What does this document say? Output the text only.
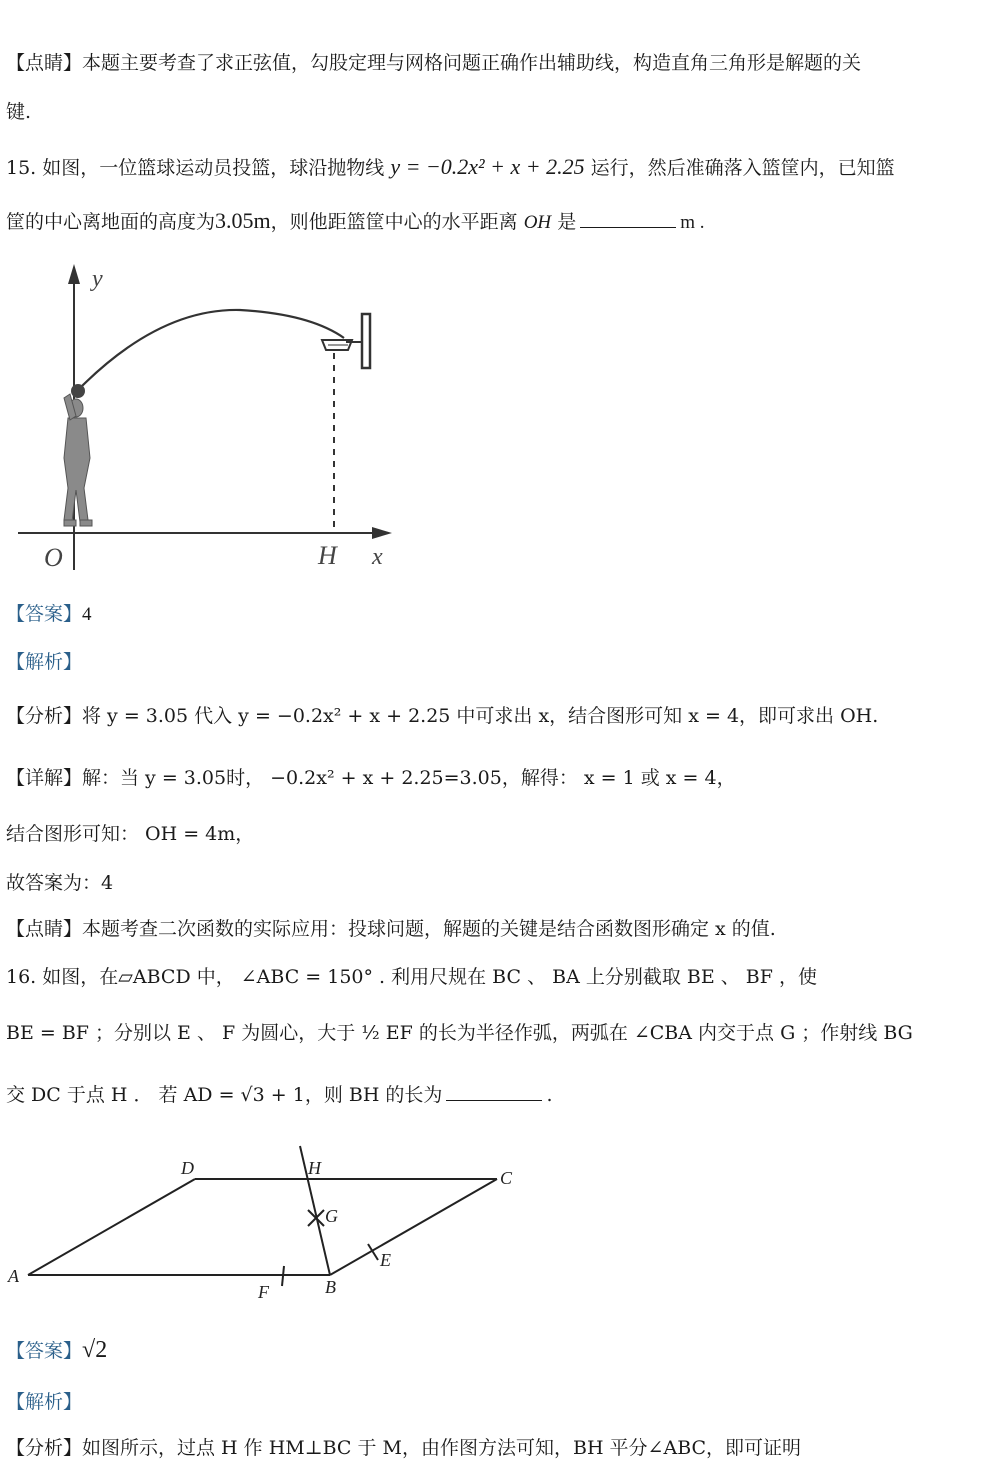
【点睛】本题主要考查了求正弦值，勾股定理与网格问题正确作出辅助线，构造直角三角形是解题的关
键.
15. 如图，一位篮球运动员投篮，球沿抛物线 y = −0.2x² + x + 2.25 运行，然后准确落入篮筐内，已知篮
筐的中心离地面的高度为3.05m，则他距篮筐中心的水平距离 OH 是	m .
y
x
O	H
【答案】4
【解析】
【分析】将 y = 3.05 代入 y = −0.2x² + x + 2.25 中可求出 x，结合图形可知 x = 4，即可求出 OH.
【详解】解：当 y = 3.05时， −0.2x² + x + 2.25=3.05，解得： x = 1 或 x = 4，
结合图形可知： OH = 4m，
故答案为：4
【点睛】本题考查二次函数的实际应用：投球问题，解题的关键是结合函数图形确定 x 的值.
16. 如图，在▱ABCD 中， ∠ABC = 150° . 利用尺规在 BC 、 BA 上分别截取 BE 、 BF ，使
BE = BF ；分别以 E 、 F 为圆心，大于 ½ EF 的长为半径作弧，两弧在 ∠CBA 内交于点 G ；作射线 BG
交 DC 于点 H ． 若 AD = √3 + 1，则 BH 的长为	.
A
D	H	C
G
E
F	B
【答案】√2
【解析】
【分析】如图所示，过点 H 作 HM⊥BC 于 M，由作图方法可知，BH 平分∠ABC，即可证明
